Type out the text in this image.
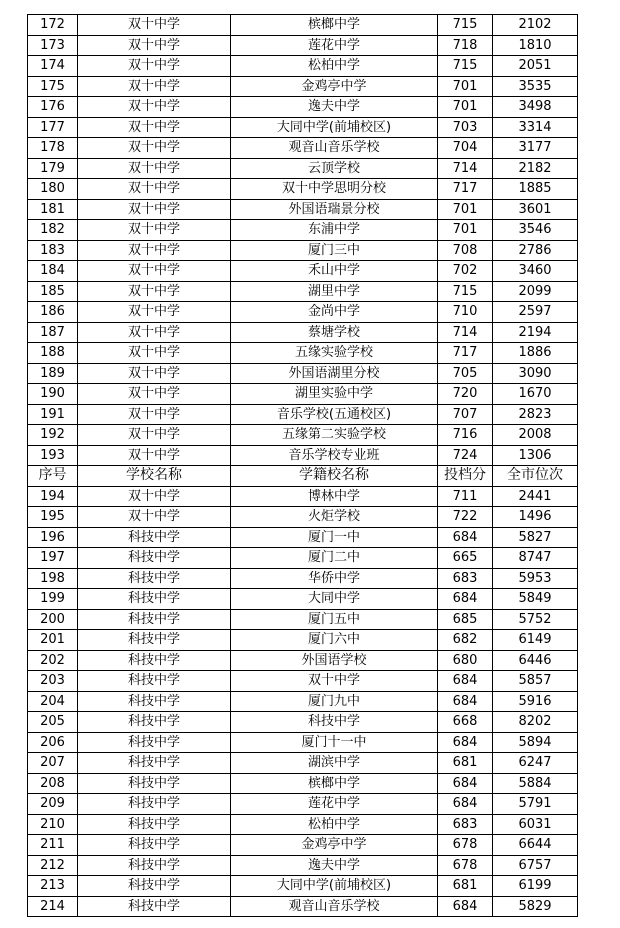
172	双十中学	槟榔中学	715	2102
173	双十中学	莲花中学	718	1810
174	双十中学	松柏中学	715	2051
175	双十中学	金鸡亭中学	701	3535
176	双十中学	逸夫中学	701	3498
177	双十中学	大同中学(前埔校区)	703	3314
178	双十中学	观音山音乐学校	704	3177
179	双十中学	云顶学校	714	2182
180	双十中学	双十中学思明分校	717	1885
181	双十中学	外国语瑞景分校	701	3601
182	双十中学	东浦中学	701	3546
183	双十中学	厦门三中	708	2786
184	双十中学	禾山中学	702	3460
185	双十中学	湖里中学	715	2099
186	双十中学	金尚中学	710	2597
187	双十中学	蔡塘学校	714	2194
188	双十中学	五缘实验学校	717	1886
189	双十中学	外国语湖里分校	705	3090
190	双十中学	湖里实验中学	720	1670
191	双十中学	音乐学校(五通校区)	707	2823
192	双十中学	五缘第二实验学校	716	2008
193	双十中学	音乐学校专业班	724	1306
序号	学校名称	学籍校名称	投档分	全市位次
194	双十中学	博林中学	711	2441
195	双十中学	火炬学校	722	1496
196	科技中学	厦门一中	684	5827
197	科技中学	厦门二中	665	8747
198	科技中学	华侨中学	683	5953
199	科技中学	大同中学	684	5849
200	科技中学	厦门五中	685	5752
201	科技中学	厦门六中	682	6149
202	科技中学	外国语学校	680	6446
203	科技中学	双十中学	684	5857
204	科技中学	厦门九中	684	5916
205	科技中学	科技中学	668	8202
206	科技中学	厦门十一中	684	5894
207	科技中学	湖滨中学	681	6247
208	科技中学	槟榔中学	684	5884
209	科技中学	莲花中学	684	5791
210	科技中学	松柏中学	683	6031
211	科技中学	金鸡亭中学	678	6644
212	科技中学	逸夫中学	678	6757
213	科技中学	大同中学(前埔校区)	681	6199
214	科技中学	观音山音乐学校	684	5829
